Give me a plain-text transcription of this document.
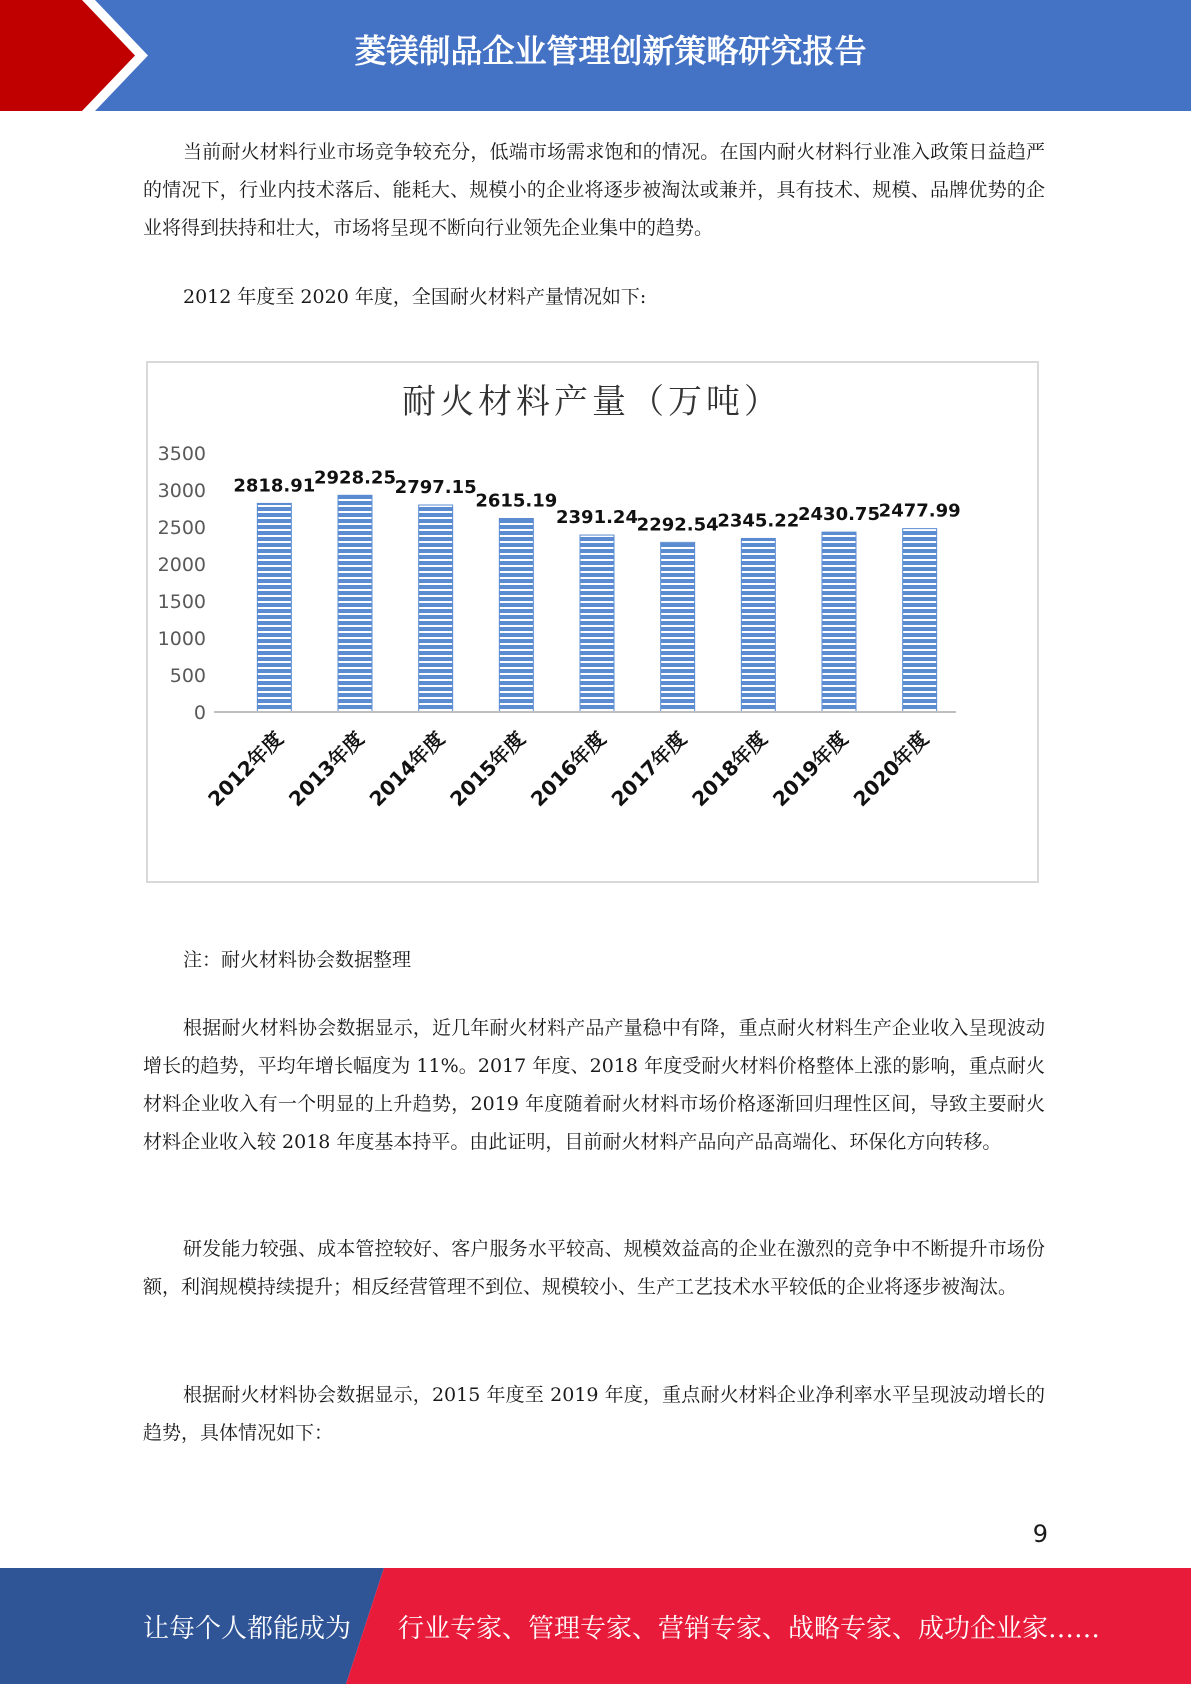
菱镁制品企业管理创新策略研究报告

当前耐火材料行业市场竞争较充分，低端市场需求饱和的情况。在国内耐火材料行业准入政策日益趋严的情况下，行业内技术落后、能耗大、规模小的企业将逐步被淘汰或兼并，具有技术、规模、品牌优势的企业将得到扶持和壮大，市场将呈现不断向行业领先企业集中的趋势。

2012 年度至 2020 年度，全国耐火材料产量情况如下:

耐火材料产量（万吨）
0
500
1000
1500
2000
2500
3000
3500
2818.91
2928.25
2797.15
2615.19
2391.24
2292.54
2345.22
2430.75
2477.99
2012年度
2013年度
2014年度
2015年度
2016年度
2017年度
2018年度
2019年度
2020年度

注：耐火材料协会数据整理

根据耐火材料协会数据显示，近几年耐火材料产品产量稳中有降，重点耐火材料生产企业收入呈现波动增长的趋势，平均年增长幅度为 11%。2017 年度、2018 年度受耐火材料价格整体上涨的影响，重点耐火材料企业收入有一个明显的上升趋势，2019 年度随着耐火材料市场价格逐渐回归理性区间，导致主要耐火材料企业收入较 2018 年度基本持平。由此证明，目前耐火材料产品向产品高端化、环保化方向转移。

研发能力较强、成本管控较好、客户服务水平较高、规模效益高的企业在激烈的竞争中不断提升市场份额，利润规模持续提升；相反经营管理不到位、规模较小、生产工艺技术水平较低的企业将逐步被淘汰。

根据耐火材料协会数据显示，2015 年度至 2019 年度，重点耐火材料企业净利率水平呈现波动增长的趋势，具体情况如下：

9
让每个人都能成为 行业专家、管理专家、营销专家、战略专家、成功企业家……
